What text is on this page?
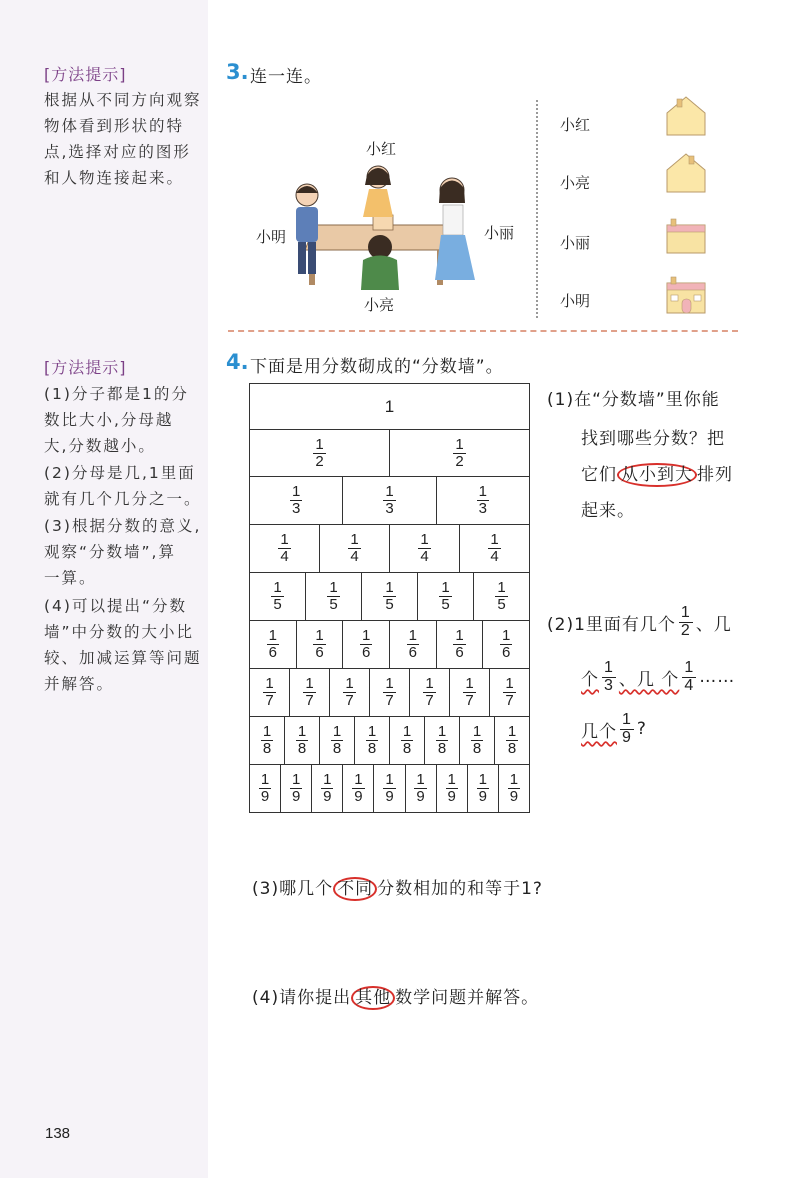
[方法提示]
根据从不同方向观察
物体看到形状的特
点,选择对应的图形
和人物连接起来。
[方法提示]
(1)分子都是1的分
数比大小,分母越
大,分数越小。
(2)分母是几,1里面
就有几个几分之一。
(3)根据分数的意义,
观察“分数墙”,算
一算。
(4)可以提出“分数
墙”中分数的大小比
较、加减运算等问题
并解答。
3. 连一连。
小红
小明	小丽
小亮
小红
小亮
小丽
小明
4. 下面是用分数砌成的“分数墙”。
1
$\frac{1}{2}$	$\frac{1}{2}$
$\frac{1}{3}$	$\frac{1}{3}$	$\frac{1}{3}$
$\frac{1}{4}$	$\frac{1}{4}$	$\frac{1}{4}$	$\frac{1}{4}$
$\frac{1}{5}$	$\frac{1}{5}$	$\frac{1}{5}$	$\frac{1}{5}$	$\frac{1}{5}$
$\frac{1}{6} \frac{1}{6} \frac{1}{6} \frac{1}{6} \frac{1}{6} \frac{1}{6}$
$\frac{1}{7} \frac{1}{7} \frac{1}{7} \frac{1}{7} \frac{1}{7} \frac{1}{7} \frac{1}{7}$
$\frac{1}{8} \frac{1}{8} \frac{1}{8} \frac{1}{8} \frac{1}{8} \frac{1}{8} \frac{1}{8} \frac{1}{8}$
$\frac{1}{9} \frac{1}{9} \frac{1}{9} \frac{1}{9} \frac{1}{9} \frac{1}{9} \frac{1}{9} \frac{1}{9} \frac{1}{9}$
(1)在“分数墙”里你能
找到哪些分数？把
它们 从小到大 排列
起来。
(2)1里面有几个 $\frac{1}{2}$ 、几
个 $\frac{1}{3}$ 、几 个 $\frac{1}{4}$ ……
几个 $\frac{1}{9}$ ?
(3)哪几个 不同 分数相加的和等于1?
(4)请你提出 其他 数学问题并解答。
138
